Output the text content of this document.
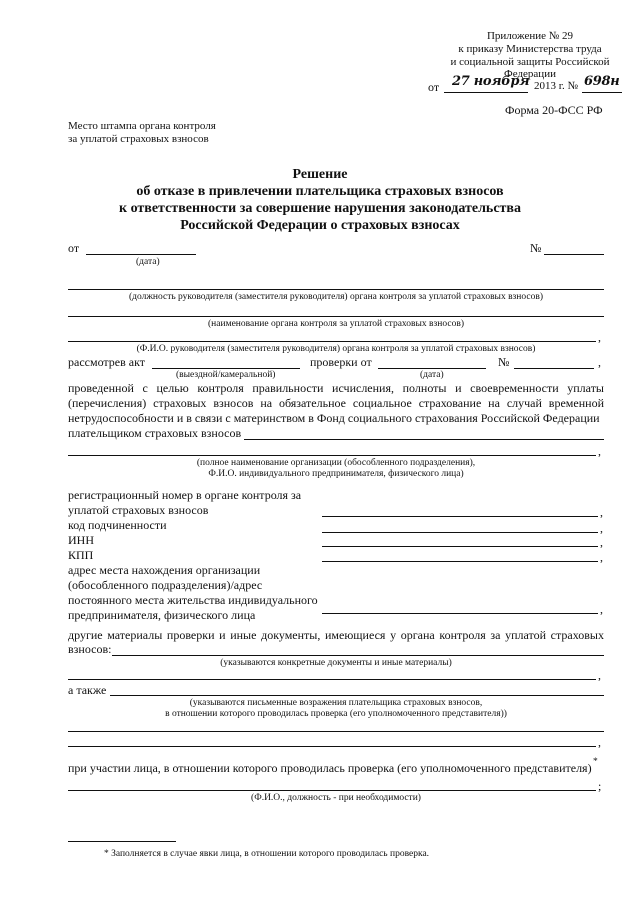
Приложение № 29
к приказу Министерства труда
и социальной защиты Российской
Федерации
от 27 ноября 2013 г. № 698н
Форма 20-ФСС РФ
Место штампа органа контроля
за уплатой страховых взносов
Решение
об отказе в привлечении плательщика страховых взносов
к ответственности за совершение нарушения законодательства
Российской Федерации о страховых взносах
от
(дата)
№
(должность руководителя (заместителя руководителя) органа контроля за уплатой страховых взносов)
(наименование органа контроля за уплатой страховых взносов)
,
(Ф.И.О. руководителя (заместителя руководителя) органа контроля за уплатой страховых взносов)
рассмотрев акт	проверки от	№	,
(выездной/камеральной)	(дата)
проведенной с целью контроля правильности исчисления, полноты и своевременности уплаты
(перечисления) страховых взносов на обязательное социальное страхование на случай временной
нетрудоспособности и в связи с материнством в Фонд социального страхования Российской Федерации
плательщиком страховых взносов
,
(полное наименование организации (обособленного подразделения),
Ф.И.О. индивидуального предпринимателя, физического лица)
регистрационный номер в органе контроля за
уплатой страховых взносов	,
код подчиненности	,
ИНН	,
КПП	,
адрес места нахождения организации
(обособленного подразделения)/адрес
постоянного места жительства индивидуального
предпринимателя, физического лица	,
другие материалы проверки и иные документы, имеющиеся у органа контроля за уплатой страховых
взносов:
(указываются конкретные документы и иные материалы)
,
а также
(указываются письменные возражения плательщика страховых взносов,
в отношении которого проводилась проверка (его уполномоченного представителя))
,
при участии лица, в отношении которого проводилась проверка (его уполномоченного представителя) *
;
(Ф.И.О., должность - при необходимости)
* Заполняется в случае явки лица, в отношении которого проводилась проверка.
